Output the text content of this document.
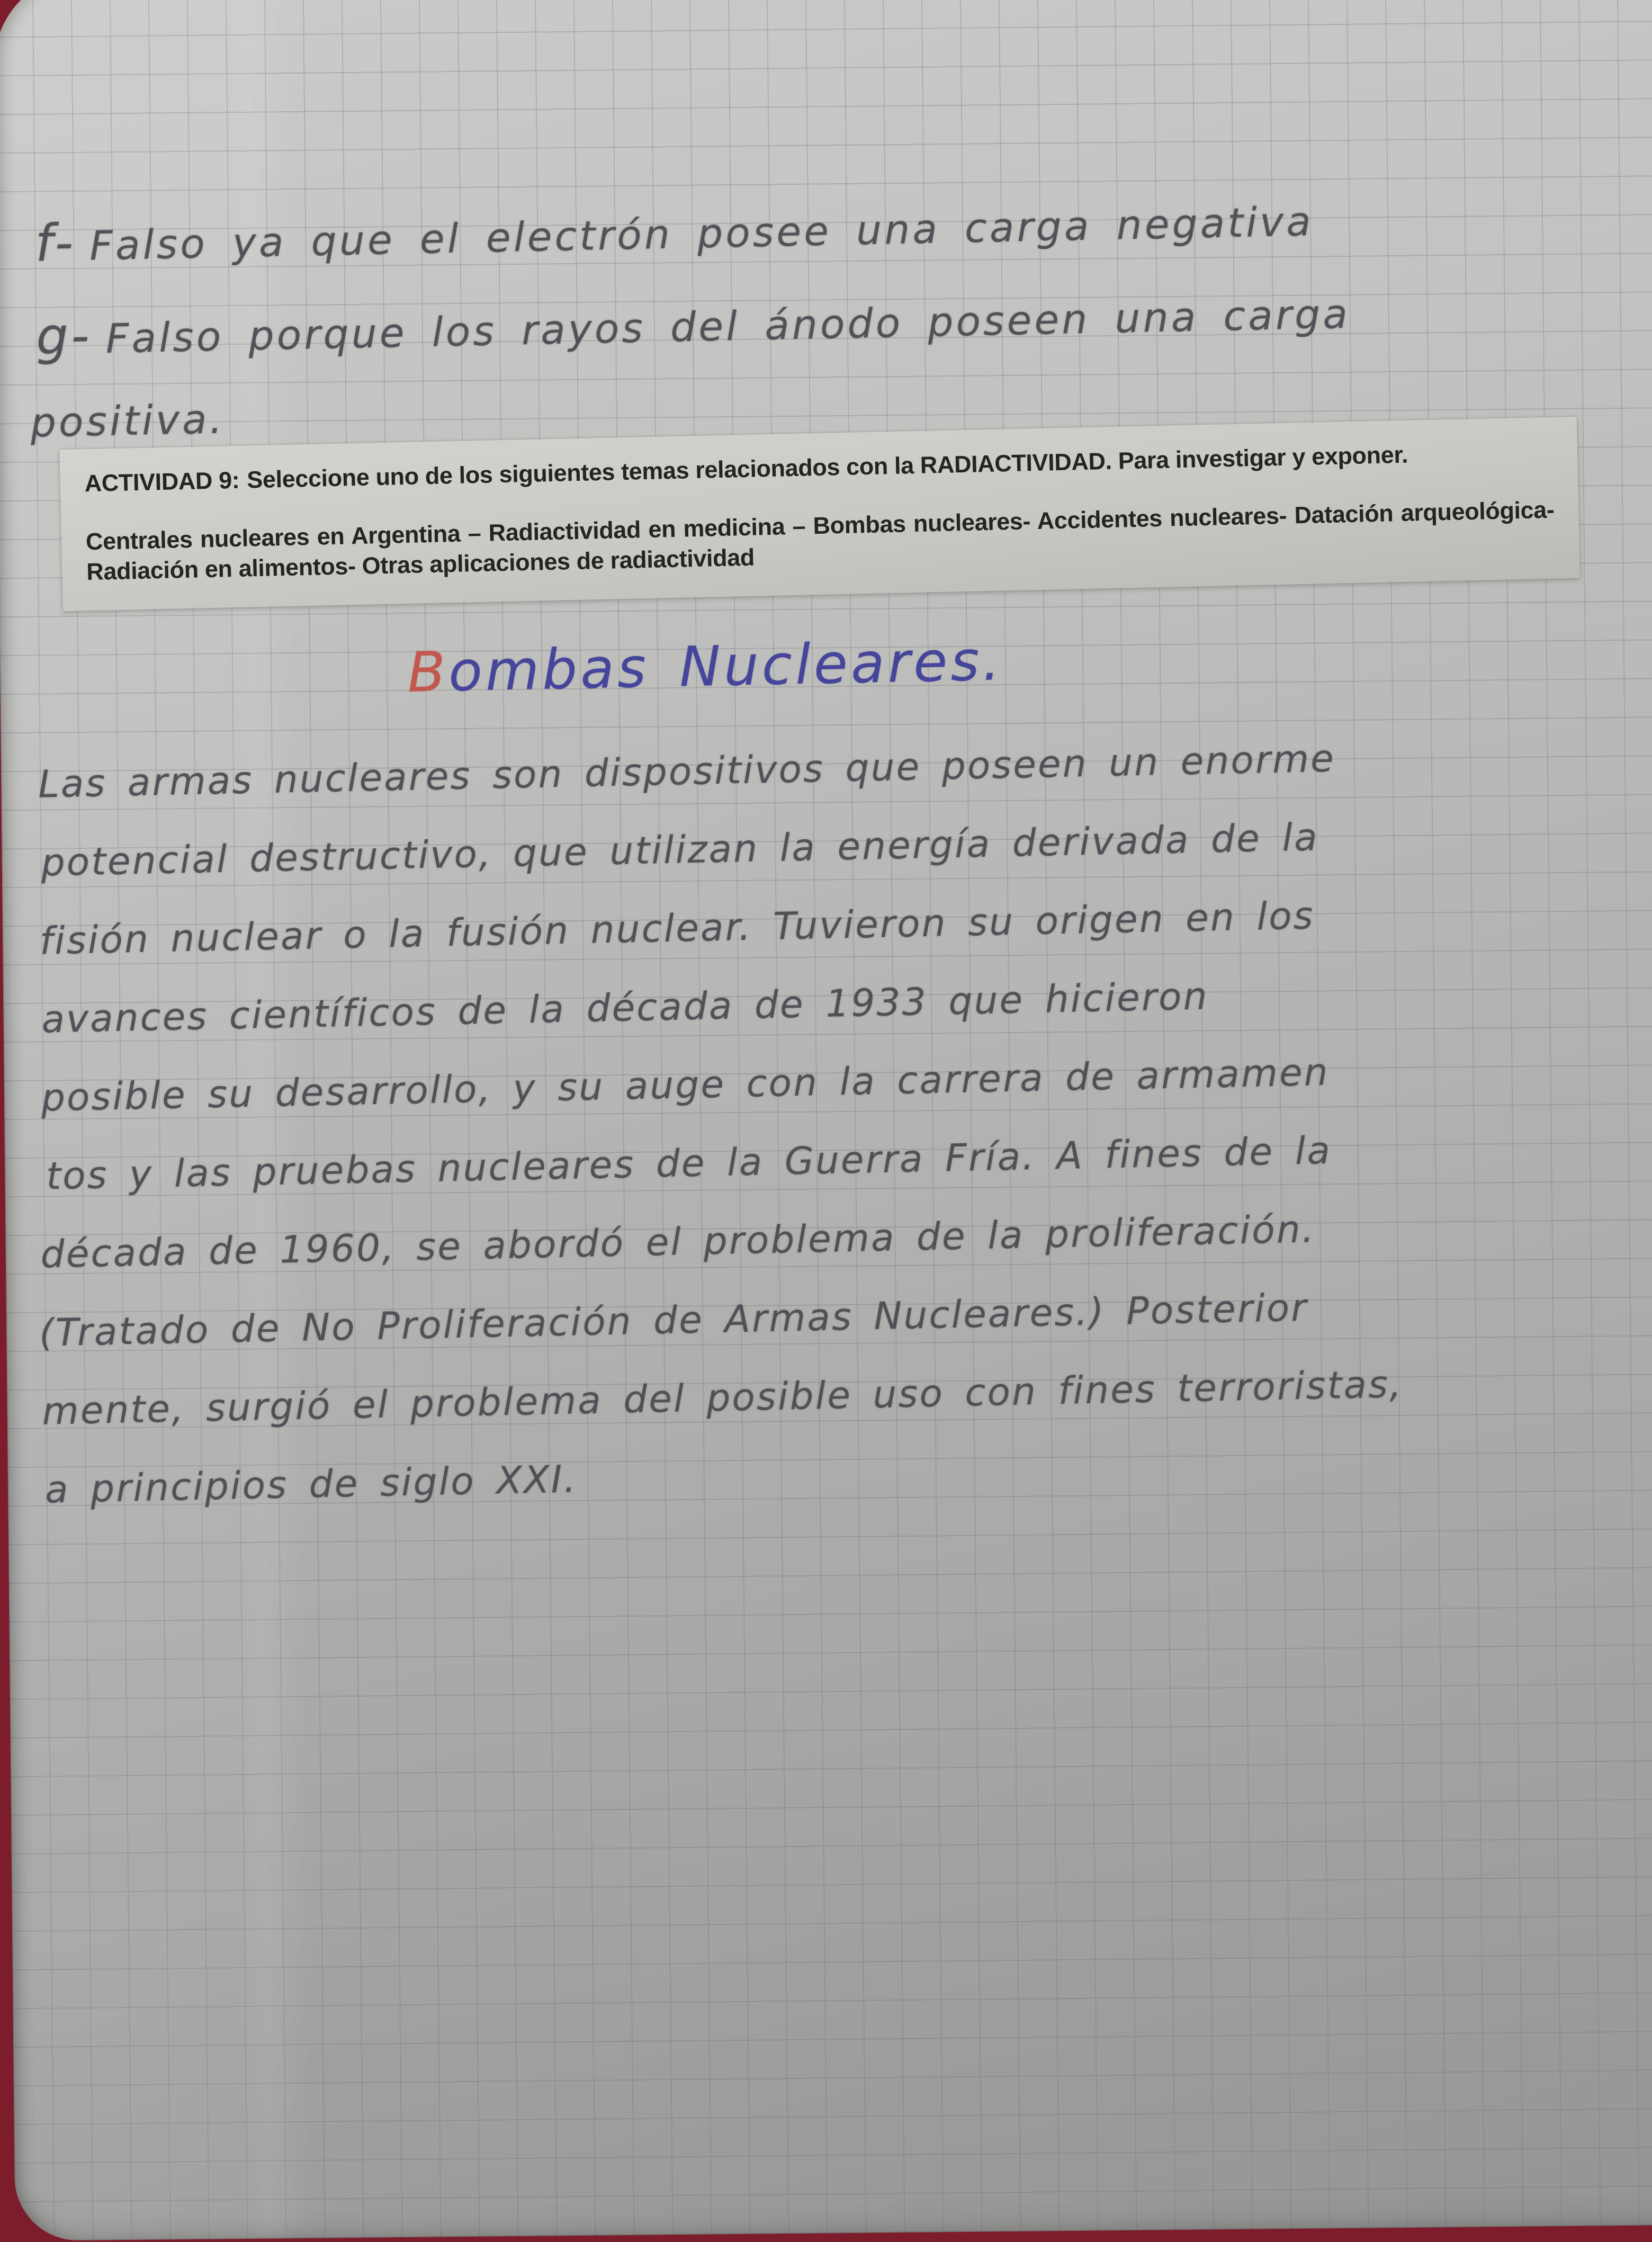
f- Falso ya que el electrón posee una carga negativa
g- Falso porque los rayos del ánodo poseen una carga
positiva.

ACTIVIDAD 9: Seleccione uno de los siguientes temas relacionados con la RADIACTIVIDAD. Para investigar y exponer.

Centrales nucleares en Argentina – Radiactividad en medicina – Bombas nucleares- Accidentes nucleares- Datación arqueológica- Radiación en alimentos- Otras aplicaciones de radiactividad

Bombas Nucleares.
Las armas nucleares son dispositivos que poseen un enorme
potencial destructivo, que utilizan la energía derivada de la
fisión nuclear o la fusión nuclear. Tuvieron su origen en los
avances científicos de la década de 1933 que hicieron
posible su desarrollo, y su auge con la carrera de armamen
tos y las pruebas nucleares de la Guerra Fría. A fines de la
década de 1960, se abordó el problema de la proliferación.
(Tratado de No Proliferación de Armas Nucleares.) Posterior
mente, surgió el problema del posible uso con fines terroristas,
a principios de siglo XXI.
